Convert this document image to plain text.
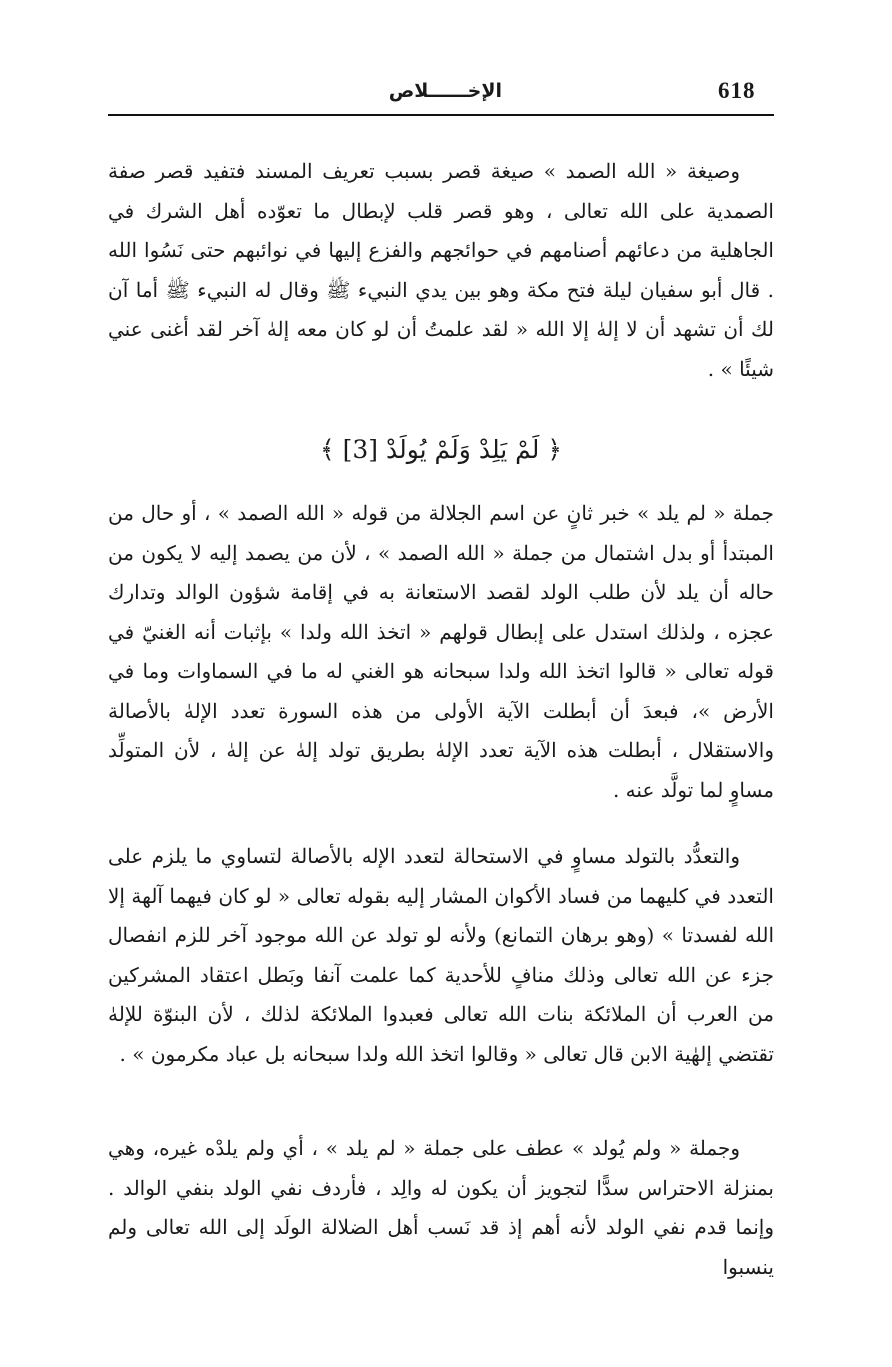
618
الإخــــــلاص

وصيغة « الله الصمد » صيغة قصر بسبب تعريف المسند فتفيد قصر صفة الصمدية على الله تعالى ، وهو قصر قلب لإبطال ما تعوّده أهل الشرك في الجاهلية من دعائهم أصنامهم في حوائجهم والفزع إليها في نوائبهم حتى نَسُوا الله . قال أبو سفيان ليلة فتح مكة وهو بين يدي النبيء ﷺ وقال له النبيء ﷺ أما آن لك أن تشهد أن لا إلهٰ إلا الله « لقد علمتُ أن لو كان معه إلهٰ آخر لقد أغنى عني شيئًا » .

﴿ لَمْ يَلِدْ وَلَمْ يُولَدْ [3] ﴾

جملة « لم يلد » خبر ثانٍ عن اسم الجلالة من قوله « الله الصمد » ، أو حال من المبتدأ أو بدل اشتمال من جملة « الله الصمد » ، لأن من يصمد إليه لا يكون من حاله أن يلد لأن طلب الولد لقصد الاستعانة به في إقامة شؤون الوالد وتدارك عجزه ، ولذلك استدل على إبطال قولهم « اتخذ الله ولدا » بإثبات أنه الغنيّ في قوله تعالى « قالوا اتخذ الله ولدا سبحانه هو الغني له ما في السماوات وما في الأرض »، فبعدَ أن أبطلت الآية الأولى من هذه السورة تعدد الإلهٰ بالأصالة والاستقلال ، أبطلت هذه الآية تعدد الإلهٰ بطريق تولد إلهٰ عن إلهٰ ، لأن المتولِّد مساوٍ لما تولَّد عنه .

والتعدُّد بالتولد مساوٍ في الاستحالة لتعدد الإله بالأصالة لتساوي ما يلزم على التعدد في كليهما من فساد الأكوان المشار إليه بقوله تعالى « لو كان فيهما آلهة إلا الله لفسدتا » (وهو برهان التمانع) ولأنه لو تولد عن الله موجود آخر للزم انفصال جزء عن الله تعالى وذلك منافٍ للأحدية كما علمت آنفا وبَطل اعتقاد المشركين من العرب أن الملائكة بنات الله تعالى فعبدوا الملائكة لذلك ، لأن البنوّة للإلهٰ تقتضي إلهٰية الابن قال تعالى « وقالوا اتخذ الله ولدا سبحانه بل عباد مكرمون » .

وجملة « ولم يُولد » عطف على جملة « لم يلد » ، أي ولم يلدْه غيره، وهي بمنزلة الاحتراس سدًّا لتجويز أن يكون له والِد ، فأردف نفي الولد بنفي الوالد . وإنما قدم نفي الولد لأنه أهم إذ قد نَسب أهل الضلالة الولَد إلى الله تعالى ولم ينسبوا
